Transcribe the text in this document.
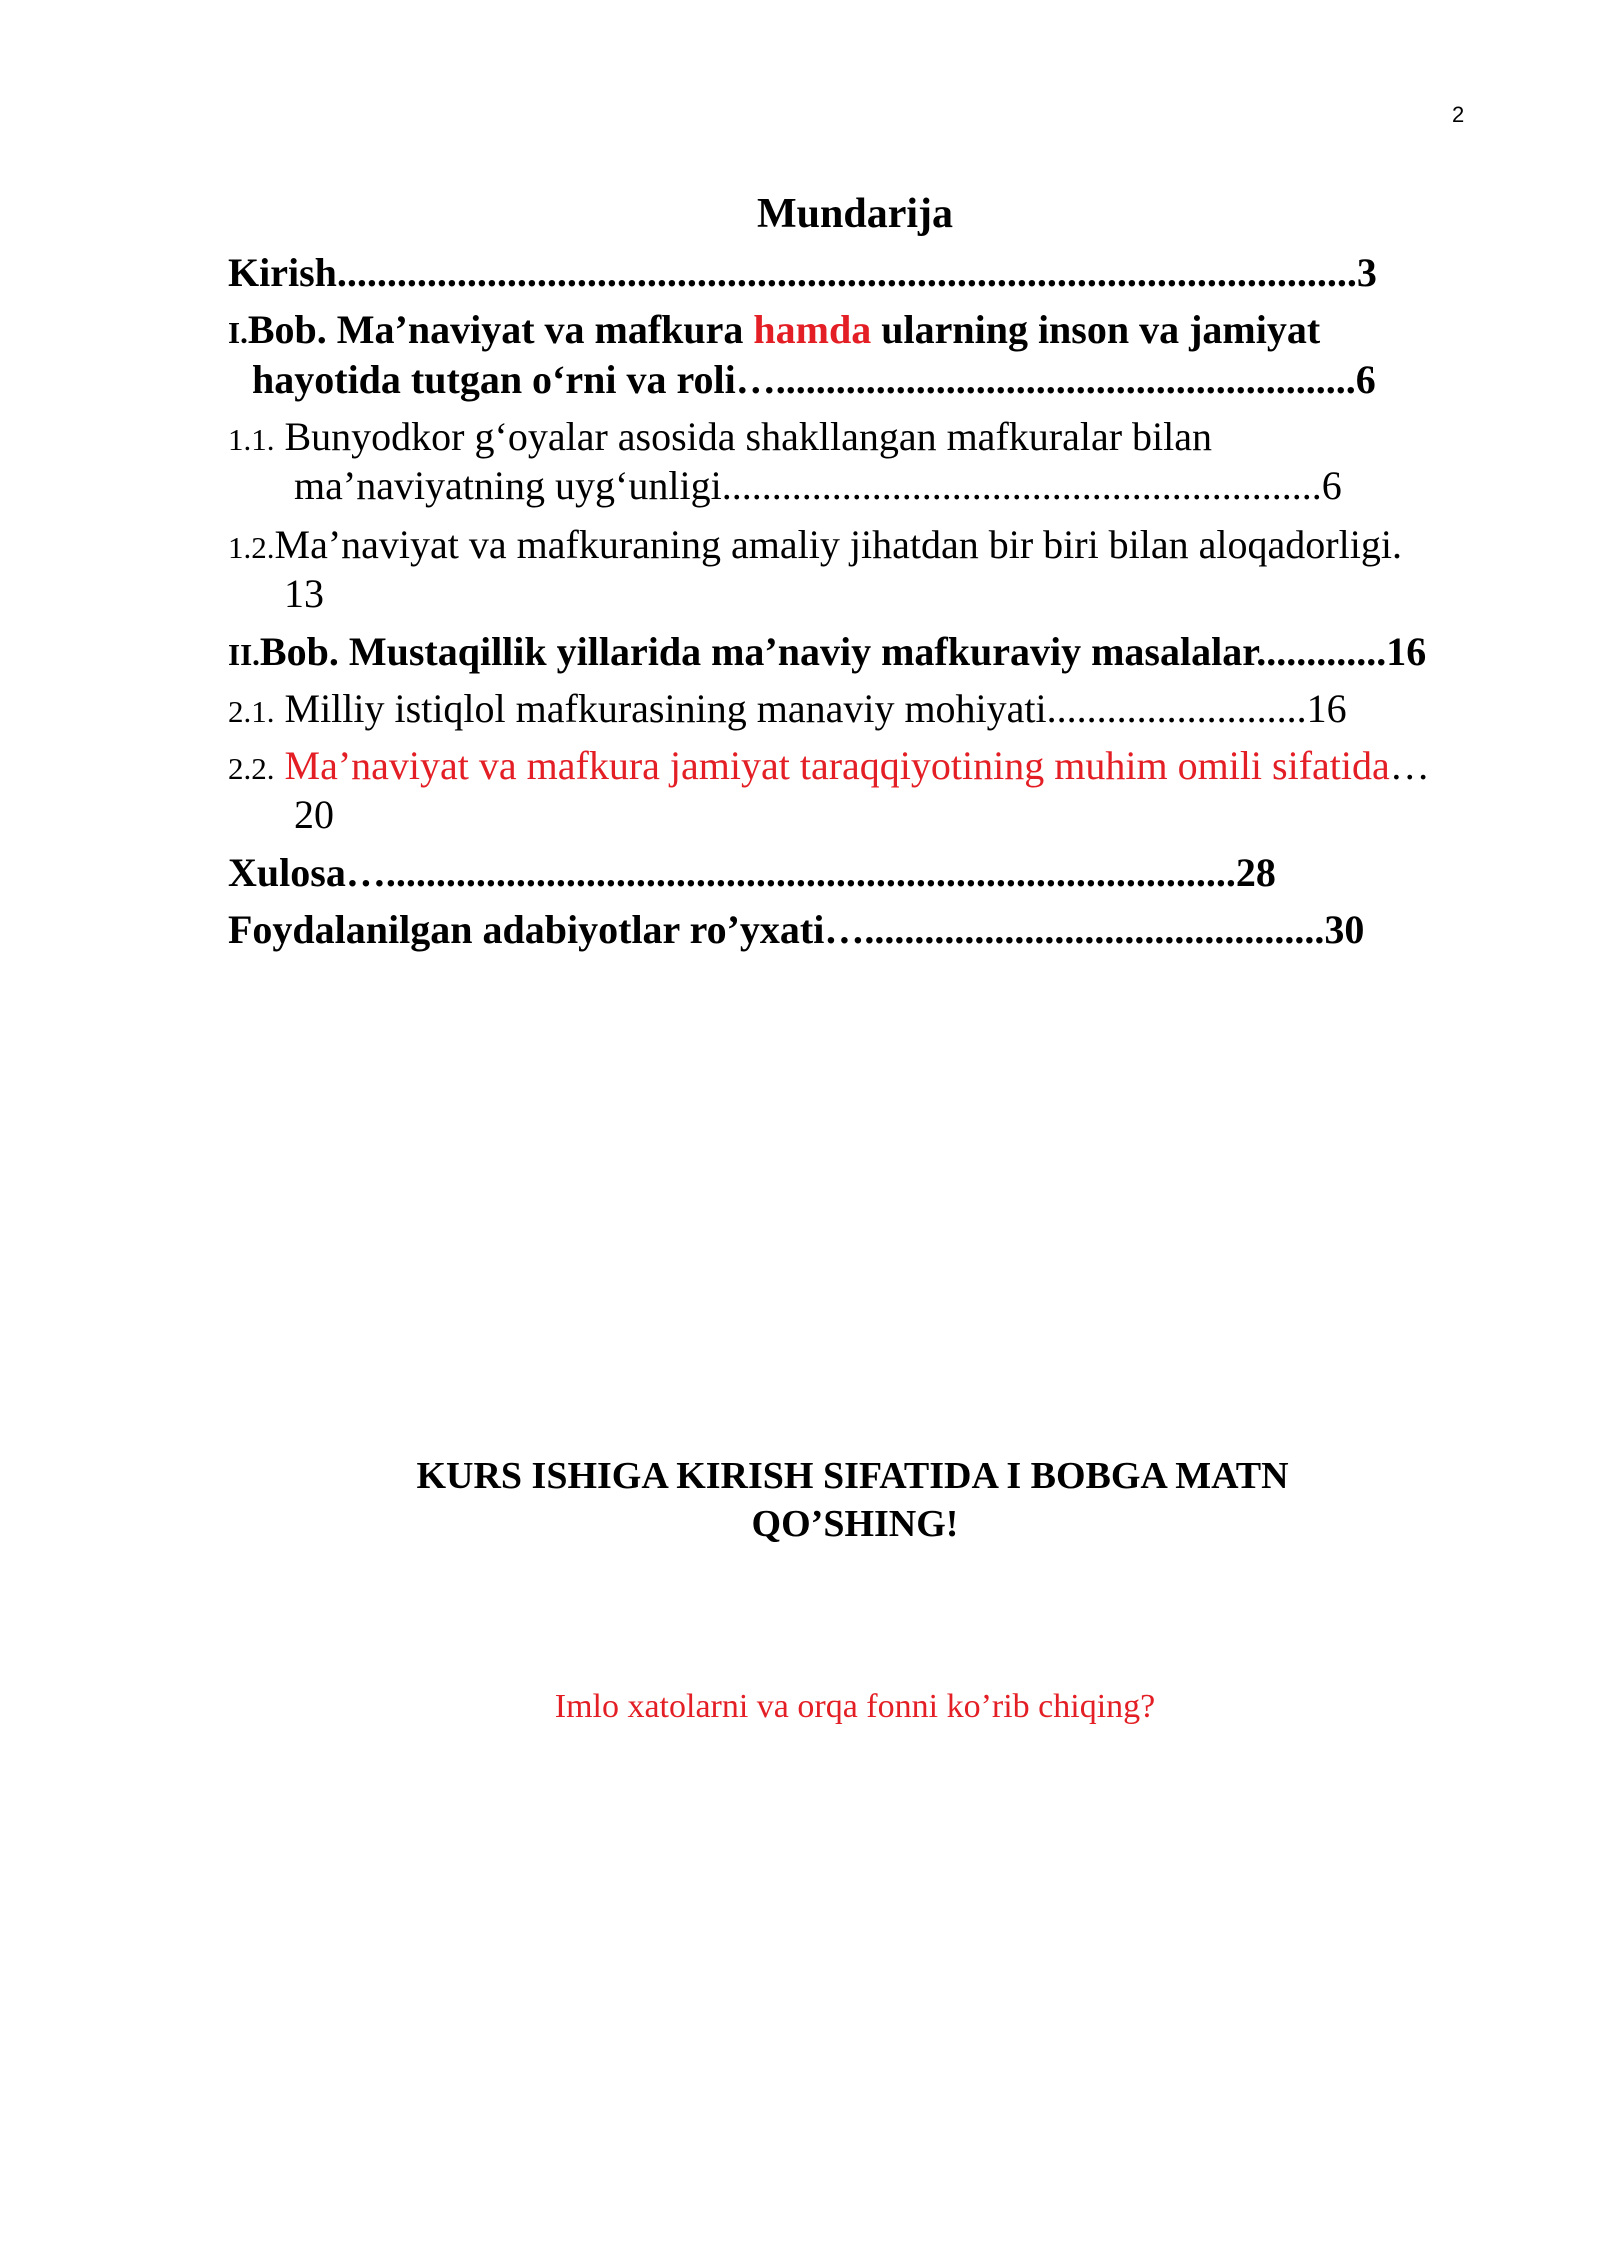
2
Mundarija
Kirish......................................................................................................3
I.Bob. Ma’naviyat va mafkura hamda ularning inson va jamiyat
hayotida tutgan o‘rni va roli…..........................................................6
1.1. Bunyodkor g‘oyalar asosida shakllangan mafkuralar bilan
ma’naviyatning uyg‘unligi............................................................6
1.2.Ma’naviyat va mafkuraning amaliy jihatdan bir biri bilan aloqadorligi.
13
II.Bob. Mustaqillik yillarida ma’naviy mafkuraviy masalalar.............16
2.1. Milliy istiqlol mafkurasining manaviy mohiyati..........................16
2.2. Ma’naviyat va mafkura jamiyat taraqqiyotining muhim omili sifatida…
20
Xulosa….....................................................................................28
Foydalanilgan adabiyotlar ro’yxati…..............................................30
KURS ISHIGA KIRISH SIFATIDA I BOBGA MATN
QO’SHING!
Imlo xatolarni va orqa fonni ko’rib chiqing?
